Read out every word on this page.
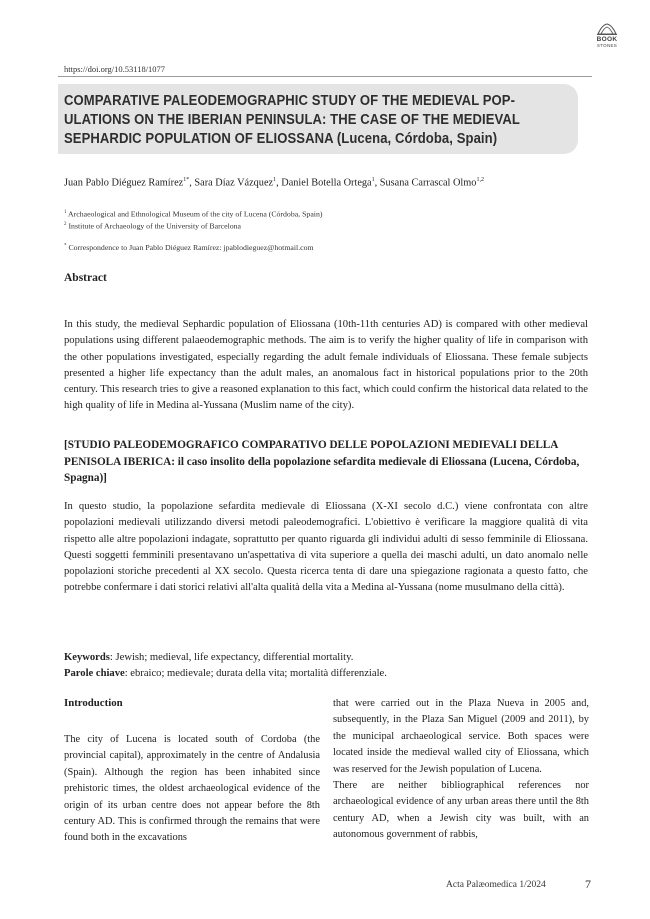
BOOK
STONES
https://doi.org/10.53118/1077
COMPARATIVE PALEODEMOGRAPHIC STUDY OF THE MEDIEVAL POP-
ULATIONS ON THE IBERIAN PENINSULA: THE CASE OF THE MEDIEVAL
SEPHARDIC POPULATION OF ELIOSSANA (Lucena, Córdoba, Spain)
Juan Pablo Diéguez Ramírez$^{1*}$, Sara Díaz Vázquez$^1$, Daniel Botella Ortega$^1$, Susana Carrascal Olmo$^{1,2}$
$^1$ Archaeological and Ethnological Museum of the city of Lucena (Córdoba, Spain)
$^2$ Institute of Archaeology of the University of Barcelona
* Correspondence to Juan Pablo Diéguez Ramírez: jpablodieguez@hotmail.com
Abstract

In this study, the medieval Sephardic population of Eliossana (10th-11th centuries AD) is compared with other medieval populations using different palaeodemographic methods. The aim is to verify the higher quality of life in comparison with the other populations investigated, especially regarding the adult female individuals of Eliossana. These female subjects presented a higher life expectancy than the adult males, an anomalous fact in historical populations prior to the 20th century. This research tries to give a reasoned explanation to this fact, which could confirm the historical data related to the high quality of life in Medina al-Yussana (Muslim name of the city).

[STUDIO PALEODEMOGRAFICO COMPARATIVO DELLE POPOLAZIONI MEDIEVALI DELLA PENISOLA IBERICA: il caso insolito della popolazione sefardita medievale di Eliossana (Lucena, Córdoba, Spagna)]

In questo studio, la popolazione sefardita medievale di Eliossana (X-XI secolo d.C.) viene confrontata con altre popolazioni medievali utilizzando diversi metodi paleodemografici. L'obiettivo è verificare la maggiore qualità di vita rispetto alle altre popolazioni indagate, soprattutto per quanto riguarda gli individui adulti di sesso femminile di Eliossana. Questi soggetti femminili presentavano un'aspettativa di vita superiore a quella dei maschi adulti, un dato anomalo nelle popolazioni storiche precedenti al XX secolo. Questa ricerca tenta di dare una spiegazione ragionata a questo fatto, che potrebbe confermare i dati storici relativi all'alta qualità della vita a Medina al-Yussana (nome musulmano della città).

Keywords: Jewish; medieval, life expectancy, differential mortality.
Parole chiave: ebraico; medievale; durata della vita; mortalità differenziale.
Introduction

The city of Lucena is located south of Cordoba (the provincial capital), approximately in the centre of Andalusia (Spain). Although the region has been inhabited since prehistoric times, the oldest archaeological evidence of the origin of its urban centre does not appear before the 8th century AD. This is confirmed through the remains that were found both in the excavations

that were carried out in the Plaza Nueva in 2005 and, subsequently, in the Plaza San Miguel (2009 and 2011), by the municipal archaeological service. Both spaces were located inside the medieval walled city of Eliossana, which was reserved for the Jewish population of Lucena.

There are neither bibliographical references nor archaeological evidence of any urban areas there until the 8th century AD, when a Jewish city was built, with an autonomous government of rabbis,

Acta Palæomedica 1/2024	7
